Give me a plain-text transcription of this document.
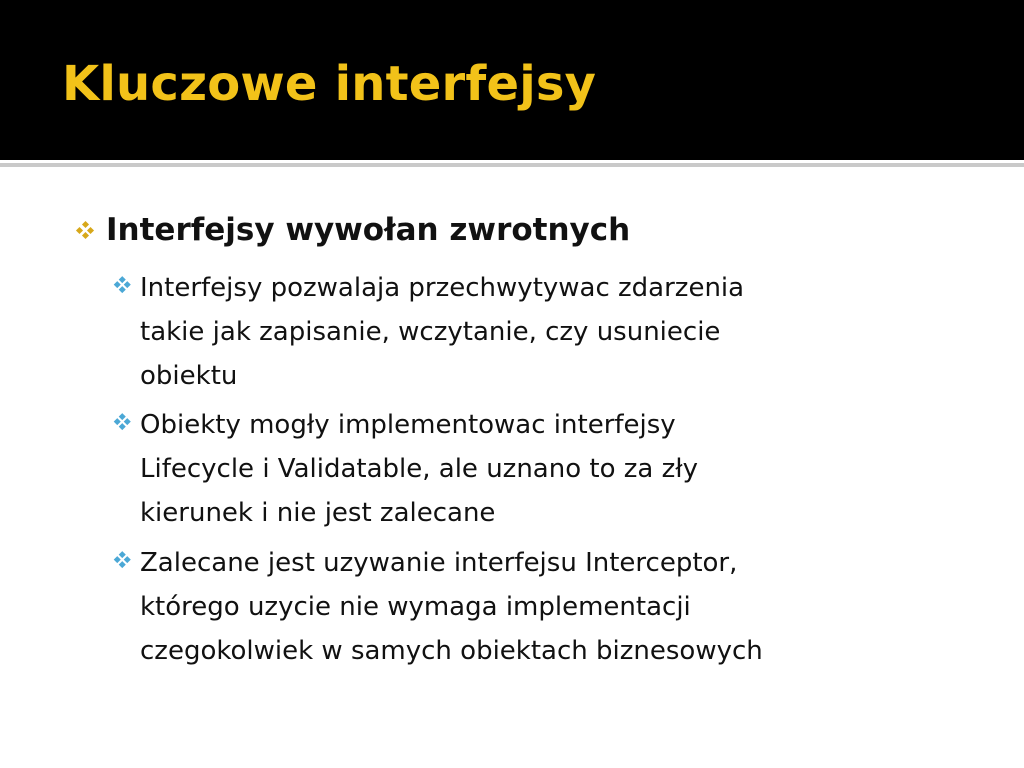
Kluczowe interfejsy
Interfejsy wywołan zwrotnych
Interfejsy pozwalaja przechwytywac zdarzenia
takie jak zapisanie, wczytanie, czy usuniecie
obiektu
Obiekty mogły implementowac interfejsy
Lifecycle i Validatable, ale uznano to za zły
kierunek i nie jest zalecane
Zalecane jest uzywanie interfejsu Interceptor,
którego uzycie nie wymaga implementacji
czegokolwiek w samych obiektach biznesowych
